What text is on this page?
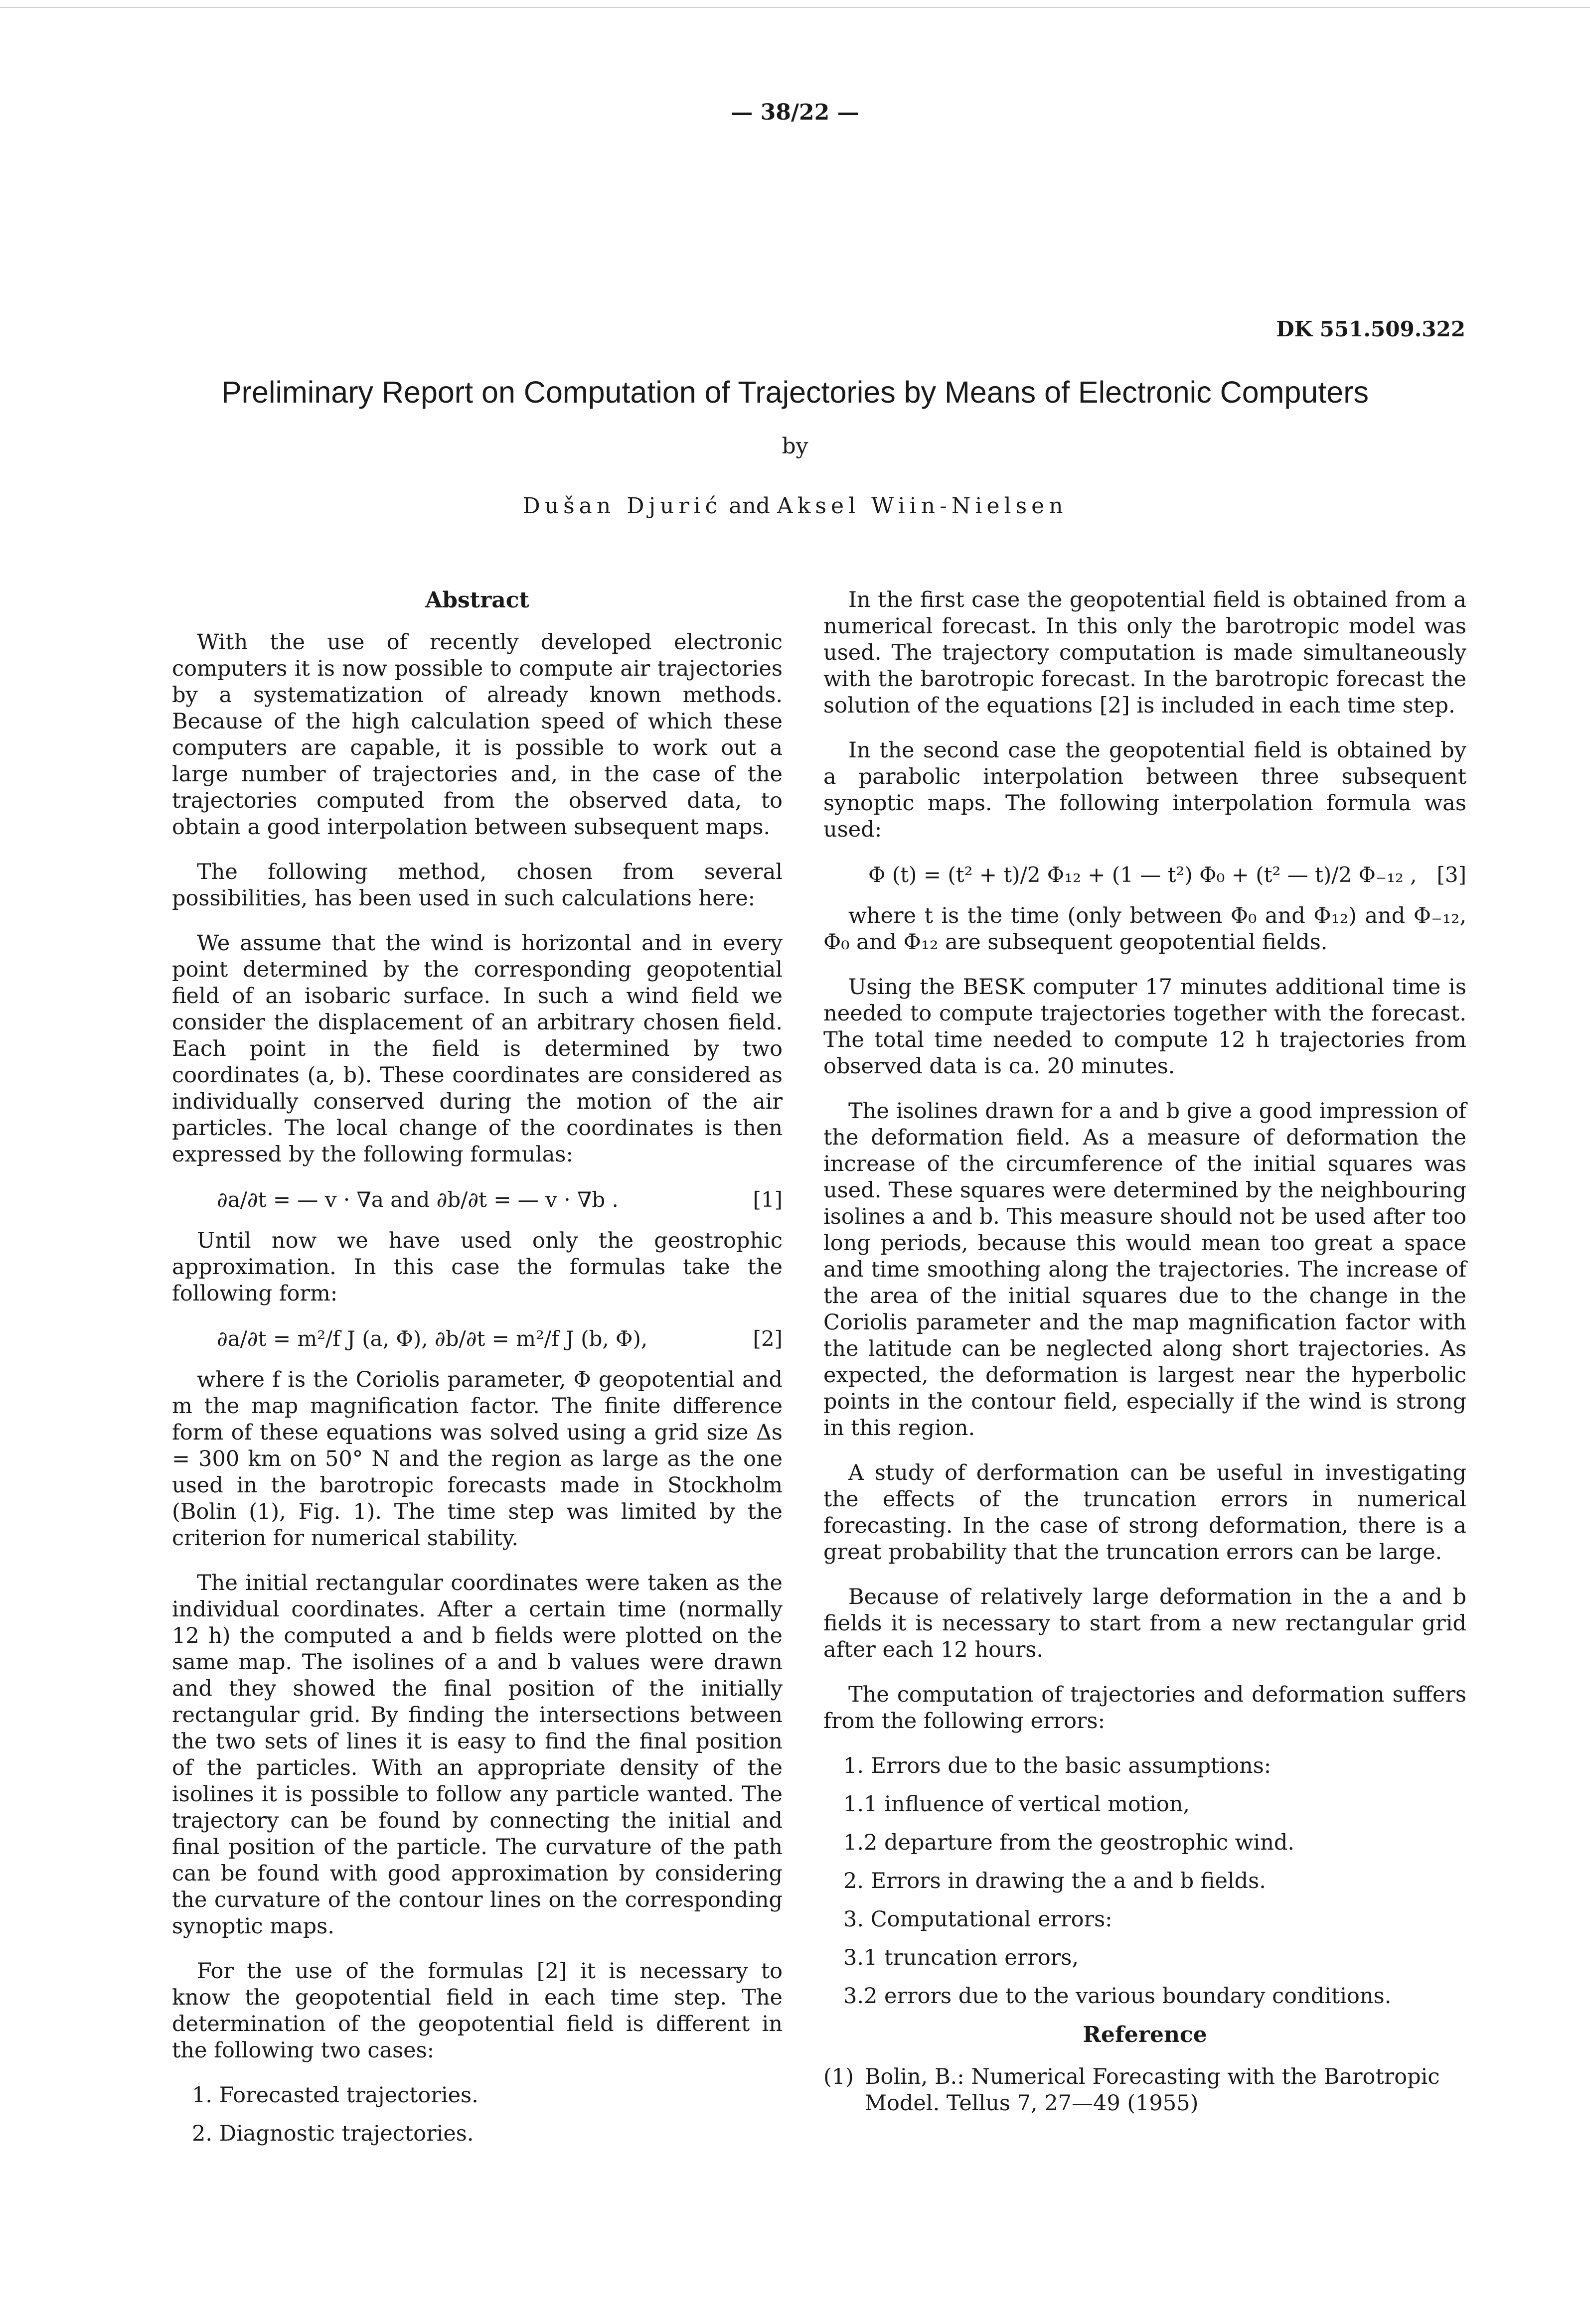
— 38/22 —
DK 551.509.322
Preliminary Report on Computation of Trajectories by Means of Electronic Computers
by
Dušan Djurić and Aksel Wiin-Nielsen
Abstract

With the use of recently developed electronic computers it is now possible to compute air trajectories by a systematization of already known methods. Because of the high calculation speed of which these computers are capable, it is possible to work out a large number of trajectories and, in the case of the trajectories computed from the observed data, to obtain a good interpolation between subsequent maps.

The following method, chosen from several possibilities, has been used in such calculations here:

We assume that the wind is horizontal and in every point determined by the corresponding geopotential field of an isobaric surface. In such a wind field we consider the displacement of an arbitrary chosen field. Each point in the field is determined by two coordinates (a, b). These coordinates are considered as individually conserved during the motion of the air particles. The local change of the coordinates is then expressed by the following formulas:

∂a/∂t = — v · ∇a and ∂b/∂t = — v · ∇b .	[1]

Until now we have used only the geostrophic approximation. In this case the formulas take the following form:

∂a/∂t = m²/f J (a, Φ), ∂b/∂t = m²/f J (b, Φ),	[2]

where f is the Coriolis parameter, Φ geopotential and m the map magnification factor. The finite difference form of these equations was solved using a grid size Δs = 300 km on 50° N and the region as large as the one used in the barotropic forecasts made in Stockholm (Bolin (1), Fig. 1). The time step was limited by the criterion for numerical stability.

The initial rectangular coordinates were taken as the individual coordinates. After a certain time (normally 12 h) the computed a and b fields were plotted on the same map. The isolines of a and b values were drawn and they showed the final position of the initially rectangular grid. By finding the intersections between the two sets of lines it is easy to find the final position of the particles. With an appropriate density of the isolines it is possible to follow any particle wanted. The trajectory can be found by connecting the initial and final position of the particle. The curvature of the path can be found with good approximation by considering the curvature of the contour lines on the corresponding synoptic maps.

For the use of the formulas [2] it is necessary to know the geopotential field in each time step. The determination of the geopotential field is different in the following two cases:

1. Forecasted trajectories.
2. Diagnostic trajectories.

In the first case the geopotential field is obtained from a numerical forecast. In this only the barotropic model was used. The trajectory computation is made simultaneously with the barotropic forecast. In the barotropic forecast the solution of the equations [2] is included in each time step.

In the second case the geopotential field is obtained by a parabolic interpolation between three subsequent synoptic maps. The following interpolation formula was used:

Φ (t) = (t² + t)/2 Φ₁₂ + (1 — t²) Φ₀ + (t² — t)/2 Φ₋₁₂ , [3]

where t is the time (only between Φ₀ and Φ₁₂) and Φ₋₁₂, Φ₀ and Φ₁₂ are subsequent geopotential fields.

Using the BESK computer 17 minutes additional time is needed to compute trajectories together with the forecast. The total time needed to compute 12 h trajectories from observed data is ca. 20 minutes.

The isolines drawn for a and b give a good impression of the deformation field. As a measure of deformation the increase of the circumference of the initial squares was used. These squares were determined by the neighbouring isolines a and b. This measure should not be used after too long periods, because this would mean too great a space and time smoothing along the trajectories. The increase of the area of the initial squares due to the change in the Coriolis parameter and the map magnification factor with the latitude can be neglected along short trajectories. As expected, the deformation is largest near the hyperbolic points in the contour field, especially if the wind is strong in this region.

A study of derformation can be useful in investigating the effects of the truncation errors in numerical forecasting. In the case of strong deformation, there is a great probability that the truncation errors can be large.

Because of relatively large deformation in the a and b fields it is necessary to start from a new rectangular grid after each 12 hours.

The computation of trajectories and deformation suffers from the following errors:

1. Errors due to the basic assumptions:
1.1 influence of vertical motion,
1.2 departure from the geostrophic wind.
2. Errors in drawing the a and b fields.
3. Computational errors:
3.1 truncation errors,
3.2 errors due to the various boundary conditions.
Reference
(1) Bolin, B.: Numerical Forecasting with the Barotropic Model. Tellus 7, 27—49 (1955)
